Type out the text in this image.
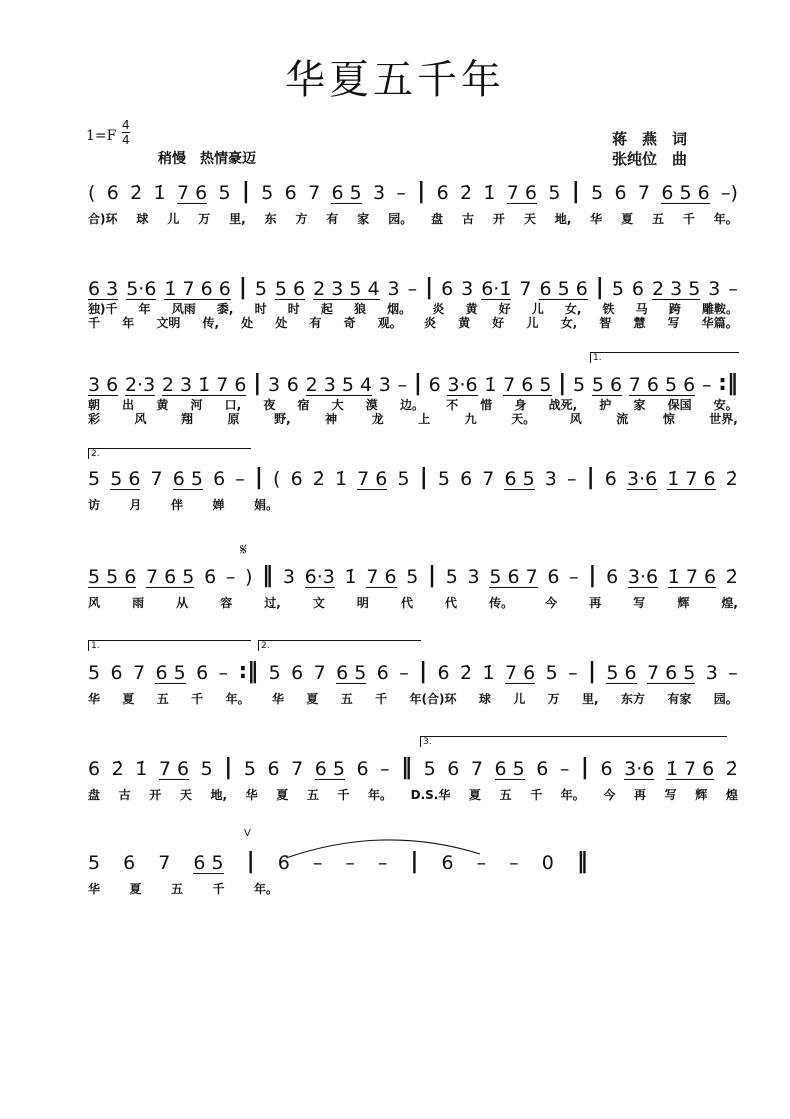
华夏五千年
1=F
4
4
稍慢　热情豪迈
蒋　燕　词
张纯位　曲
( 6 2̇ 1̇ 7 6 5 | 5 6 7 6 5 3 – | 6 2̇ 1̇ 7 6 5 | 5 6 7 6 5 6 –)
合)环 球 儿 万 里, 东 方 有 家 园。 盘 古 开 天 地, 华 夏 五 千 年。
6 3 5·6 1̇ 7 6 6 | 5 5 6 2 3 5 4 3 – | 6 3 6·1̇ 7 6 5 6 | 5 6 2 3 5 3 –
独)千 年 风雨 黍, 时 时 起 狼 烟。 炎 黄 好 儿 女, 铁 马 跨 雕鞍。
千 年 文明 传, 处 处 有 奇 观。 炎 黄 好 儿 女, 智 慧 写 华篇。
3 6 2·3 2 3 1̇ 7 6 | 3 6 2 3 5 4 3 – | 6 3·6 1̇ 7 6 5 | 5 5 6 7 6 5 6 – :‖
朝 出 黄 河 口, 夜 宿 大 漠 边。 不 惜 身 战死, 护 家 保国 安。
彩	风	翔	原	野,	神	龙	上	九	天。	风	流	惊	世界,
5 5 6 7 6 5 6 – | ( 6 2̇ 1̇ 7 6 5 | 5 6 7 6 5 3 – | 6 3·6 1̇ 7 6 2̇
访 月 伴 婵 娟。
5 5 6 7 6 5 6 – ) ‖ 3 6·3 1̇ 7 6 5 | 5 3 5 6 7 6 – | 6 3·6 1̇ 7 6 2̇
风	雨	从	容	过,	文	明	代	代	传。	今	再	写	辉	煌,
5 6 7 6 5 6 – :‖ 5 6 7 6 5 6 – | 6 2̇ 1̇ 7 6 5 – | 5 6 7 6 5 3 –
华 夏 五 千 年。 华 夏 五 千 年(合)环 球 儿 万 里, 东方 有家 园。
6 2̇ 1̇ 7 6 5 | 5 6 7 6 5 6 – ‖ 5 6 7 6 5 6 – | 6 3·6 1̇ 7 6 2̇
盘 古 开 天 地, 华 夏 五 千 年。 D.S.华 夏 五 千 年。 今 再 写 辉 煌
5 6 7 6 5 | 6 – – – | 6 – – 0 ‖
华 夏 五 千 年。
1.
2.
1.	2.
3.
𝄋
V
